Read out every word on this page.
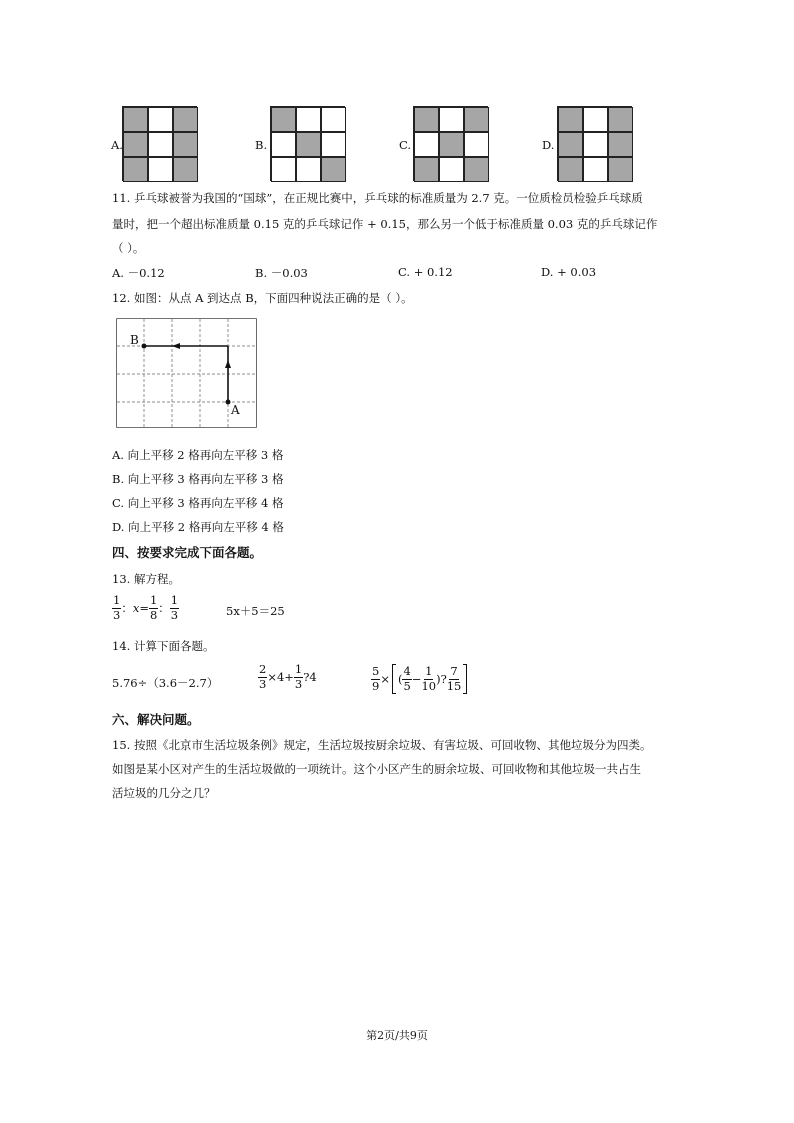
A.	B.	C.	D.
11. 乒乓球被誉为我国的“国球”，在正规比赛中，乒乓球的标准质量为 2.7 克。一位质检员检验乒乓球质
量时，把一个超出标准质量 0.15 克的乒乓球记作 + 0.15，那么另一个低于标准质量 0.03 克的乒乓球记作
（ ）。
A. －0.12	B. －0.03	C. + 0.12	D. + 0.03
12. 如图：从点 A 到达点 B，下面四种说法正确的是（ ）。
B
A
A. 向上平移 2 格再向左平移 3 格
B. 向上平移 3 格再向左平移 3 格
C. 向上平移 3 格再向左平移 4 格
D. 向上平移 2 格再向左平移 4 格
四、按要求完成下面各题。
13. 解方程。
$\frac{1}{3}$ ： $x = \frac{1}{8}$ ： $\frac{1}{3}$	5x＋5＝25
14. 计算下面各题。
5.76÷（3.6－2.7）	$\frac{2}{3} \times 4+ \frac{1}{3}$ ?4	$\frac{5}{9}$ × ( $\frac{4}{5} - \frac{1}{10}$ )? $\frac{7}{15}$
六、解决问题。
15. 按照《北京市生活垃圾条例》规定，生活垃圾按厨余垃圾、有害垃圾、可回收物、其他垃圾分为四类。
如图是某小区对产生的生活垃圾做的一项统计。这个小区产生的厨余垃圾、可回收物和其他垃圾一共占生
活垃圾的几分之几？
第2页/共9页
